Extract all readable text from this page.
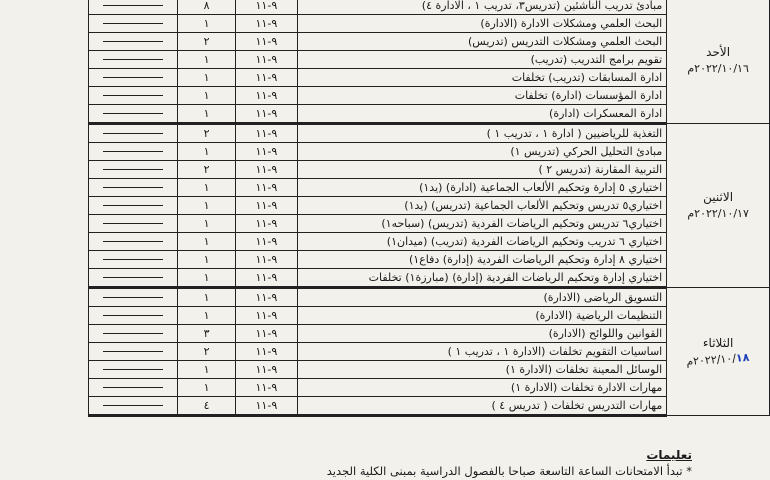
الأحد
٢٠٢٢/١٠/١٦م	مبادئ تدريب الناشئين (تدريس٣، تدريب ١ ، الادارة ٤)	٩-١١	٨	

	البحث العلمي ومشكلات الادارة (الادارة)	٩-١١	١	

	البحث العلمي ومشكلات التدريس (تدريس)	٩-١١	٢	

	تقويم برامج التدريب (تدريب)	٩-١١	١	

	ادارة المسابقات (تدريب) تخلفات	٩-١١	١	

	ادارة المؤسسات (ادارة) تخلفات	٩-١١	١	

	ادارة المعسكرات (ادارة)	٩-١١	١	

الاثنين
٢٠٢٢/١٠/١٧م	التغذية للرياضيين ( ادارة ١ ، تدريب ١ )	٩-١١	٢	

	مبادئ التحليل الحركي (تدريس ١)	٩-١١	١	

	التربية المقارنة (تدريس ٢ )	٩-١١	٢	

	اختياري ٥ إدارة وتحكيم الألعاب الجماعية (ادارة) (يد١)	٩-١١	١	

	اختياري٥ تدريس وتحكيم الألعاب الجماعية (تدريس) (يد١)	٩-١١	١	

	اختياري٦ تدريس وتحكيم الرياضات الفردية (تدريس) (سباحه١)	٩-١١	١	

	اختياري ٦ تدريب وتحكيم الرياضات الفردية (تدريب) (ميدان١)	٩-١١	١	

	اختياري ٨ إدارة وتحكيم الرياضات الفردية (إدارة) دفاع١)	٩-١١	١	

	اختياري إدارة وتحكيم الرياضات الفردية (إدارة) (مبارزة١) تخلفات	٩-١١	١	

الثلاثاء
٢٠٢٢/١٠/١٨م	التسويق الرياضى (الادارة)	٩-١١	١	

	التنظيمات الرياضية (الادارة)	٩-١١	١	

	القوانين واللوائح (الادارة)	٩-١١	٣	

	اساسيات التقويم تخلفات (الادارة ١ ، تدريب ١ )	٩-١١	٢	

	الوسائل المعينة تخلفات (الادارة ١)	٩-١١	١	

	مهارات الادارة تخلفات (الادارة ١)	٩-١١	١	

	مهارات التدريس تخلفات ( تدريس ٤ )	٩-١١	٤	
تعليمات
* تبدأ الامتحانات الساعة التاسعة صباحا بالفصول الدراسية بمبنى الكلية الجديد
